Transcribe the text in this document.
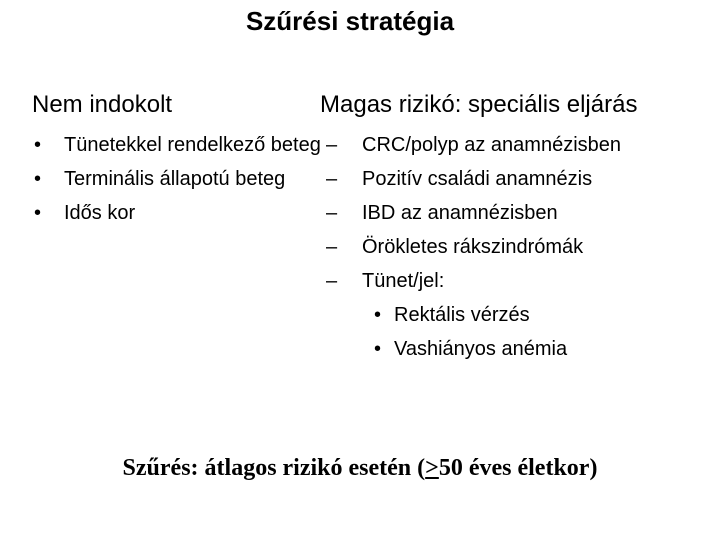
Szűrési stratégia
Nem indokolt	Magas rizikó: speciális eljárás
•	Tünetekkel rendelkező beteg
•	Terminális állapotú beteg
•	Idős kor
– CRC/polyp az anamnézisben
– Pozitív családi anamnézis
– IBD az anamnézisben
– Örökletes rákszindrómák
– Tünet/jel:
• Rektális vérzés
• Vashiányos anémia
Szűrés: átlagos rizikó esetén (≥50 éves életkor)
